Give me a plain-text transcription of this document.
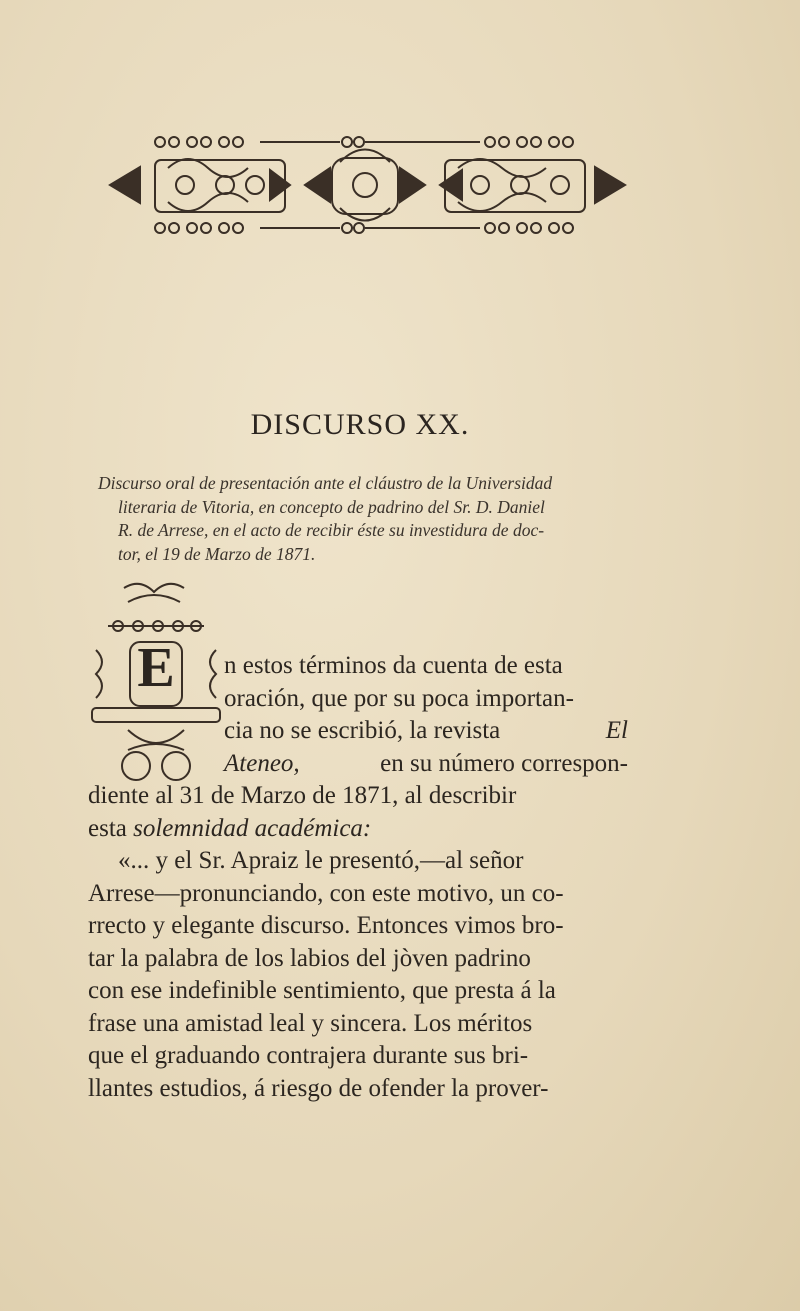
DISCURSO XX.
Discurso oral de presentación ante el cláustro de la Universidad
literaria de Vitoria, en concepto de padrino del Sr. D. Daniel
R. de Arrese, en el acto de recibir éste su investidura de doc-
tor, el 19 de Marzo de 1871.
E n estos términos da cuenta de esta
oración, que por su poca importan-
cia no se escribió, la revista	El
Ateneo,	en su número correspon-
diente al 31 de Marzo de 1871, al describir
esta solemnidad académica:
«... y el Sr. Apraiz le presentó,—al señor
Arrese—pronunciando, con este motivo, un co-
rrecto y elegante discurso. Entonces vimos bro-
tar la palabra de los labios del jòven padrino
con ese indefinible sentimiento, que presta á la
frase una amistad leal y sincera. Los méritos
que el graduando contrajera durante sus bri-
llantes estudios, á riesgo de ofender la prover-
